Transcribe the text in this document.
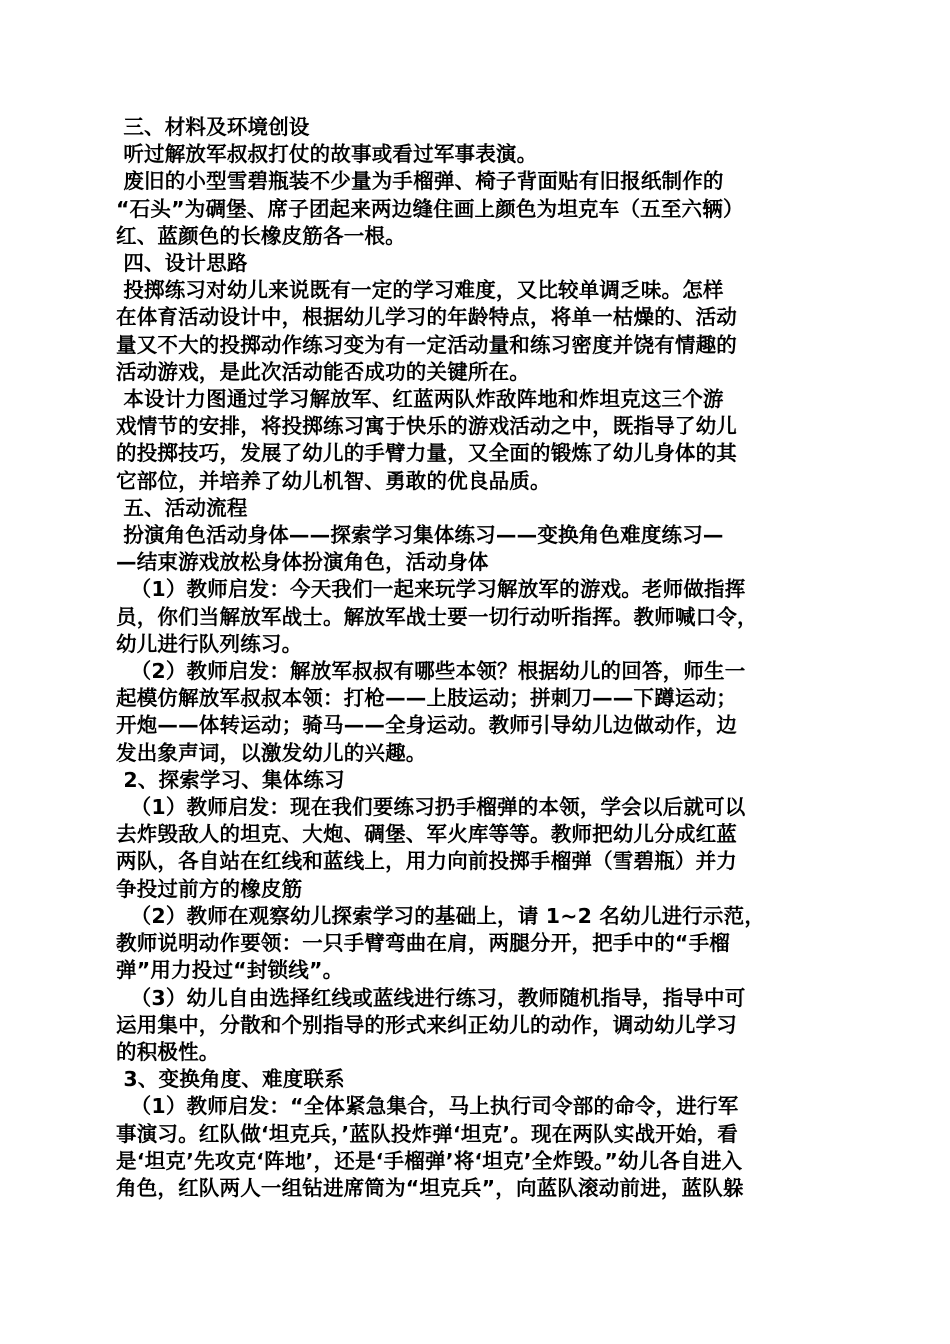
三、材料及环境创设
听过解放军叔叔打仗的故事或看过军事表演。
废旧的小型雪碧瓶装不少量为手榴弹、椅子背面贴有旧报纸制作的
“石头”为碉堡、席子团起来两边缝住画上颜色为坦克车（五至六辆）
红、蓝颜色的长橡皮筋各一根。
四、设计思路
投掷练习对幼儿来说既有一定的学习难度，又比较单调乏味。怎样
在体育活动设计中，根据幼儿学习的年龄特点，将单一枯燥的、活动
量又不大的投掷动作练习变为有一定活动量和练习密度并饶有情趣的
活动游戏，是此次活动能否成功的关键所在。
本设计力图通过学习解放军、红蓝两队炸敌阵地和炸坦克这三个游
戏情节的安排，将投掷练习寓于快乐的游戏活动之中，既指导了幼儿
的投掷技巧，发展了幼儿的手臂力量，又全面的锻炼了幼儿身体的其
它部位，并培养了幼儿机智、勇敢的优良品质。
五、活动流程
扮演角色活动身体——探索学习集体练习——变换角色难度练习—
—结束游戏放松身体扮演角色，活动身体
（1）教师启发：今天我们一起来玩学习解放军的游戏。老师做指挥
员，你们当解放军战士。解放军战士要一切行动听指挥。教师喊口令，
幼儿进行队列练习。
（2）教师启发：解放军叔叔有哪些本领？根据幼儿的回答，师生一
起模仿解放军叔叔本领：打枪——上肢运动；拼刺刀——下蹲运动；
开炮——体转运动；骑马——全身运动。教师引导幼儿边做动作，边
发出象声词，以激发幼儿的兴趣。
2、探索学习、集体练习
（1）教师启发：现在我们要练习扔手榴弹的本领，学会以后就可以
去炸毁敌人的坦克、大炮、碉堡、军火库等等。教师把幼儿分成红蓝
两队，各自站在红线和蓝线上，用力向前投掷手榴弹（雪碧瓶）并力
争投过前方的橡皮筋
（2）教师在观察幼儿探索学习的基础上，请 1~2 名幼儿进行示范，
教师说明动作要领：一只手臂弯曲在肩，两腿分开，把手中的“手榴
弹”用力投过“封锁线”。
（3）幼儿自由选择红线或蓝线进行练习，教师随机指导，指导中可
运用集中，分散和个别指导的形式来纠正幼儿的动作，调动幼儿学习
的积极性。
3、变换角度、难度联系
（1）教师启发：“全体紧急集合，马上执行司令部的命令，进行军
事演习。红队做‘坦克兵，’蓝队投炸弹‘坦克’。现在两队实战开始，看
是‘坦克’先攻克‘阵地’，还是‘手榴弹’将‘坦克’全炸毁。”幼儿各自进入
角色，红队两人一组钻进席筒为“坦克兵”，向蓝队滚动前进，蓝队躲
